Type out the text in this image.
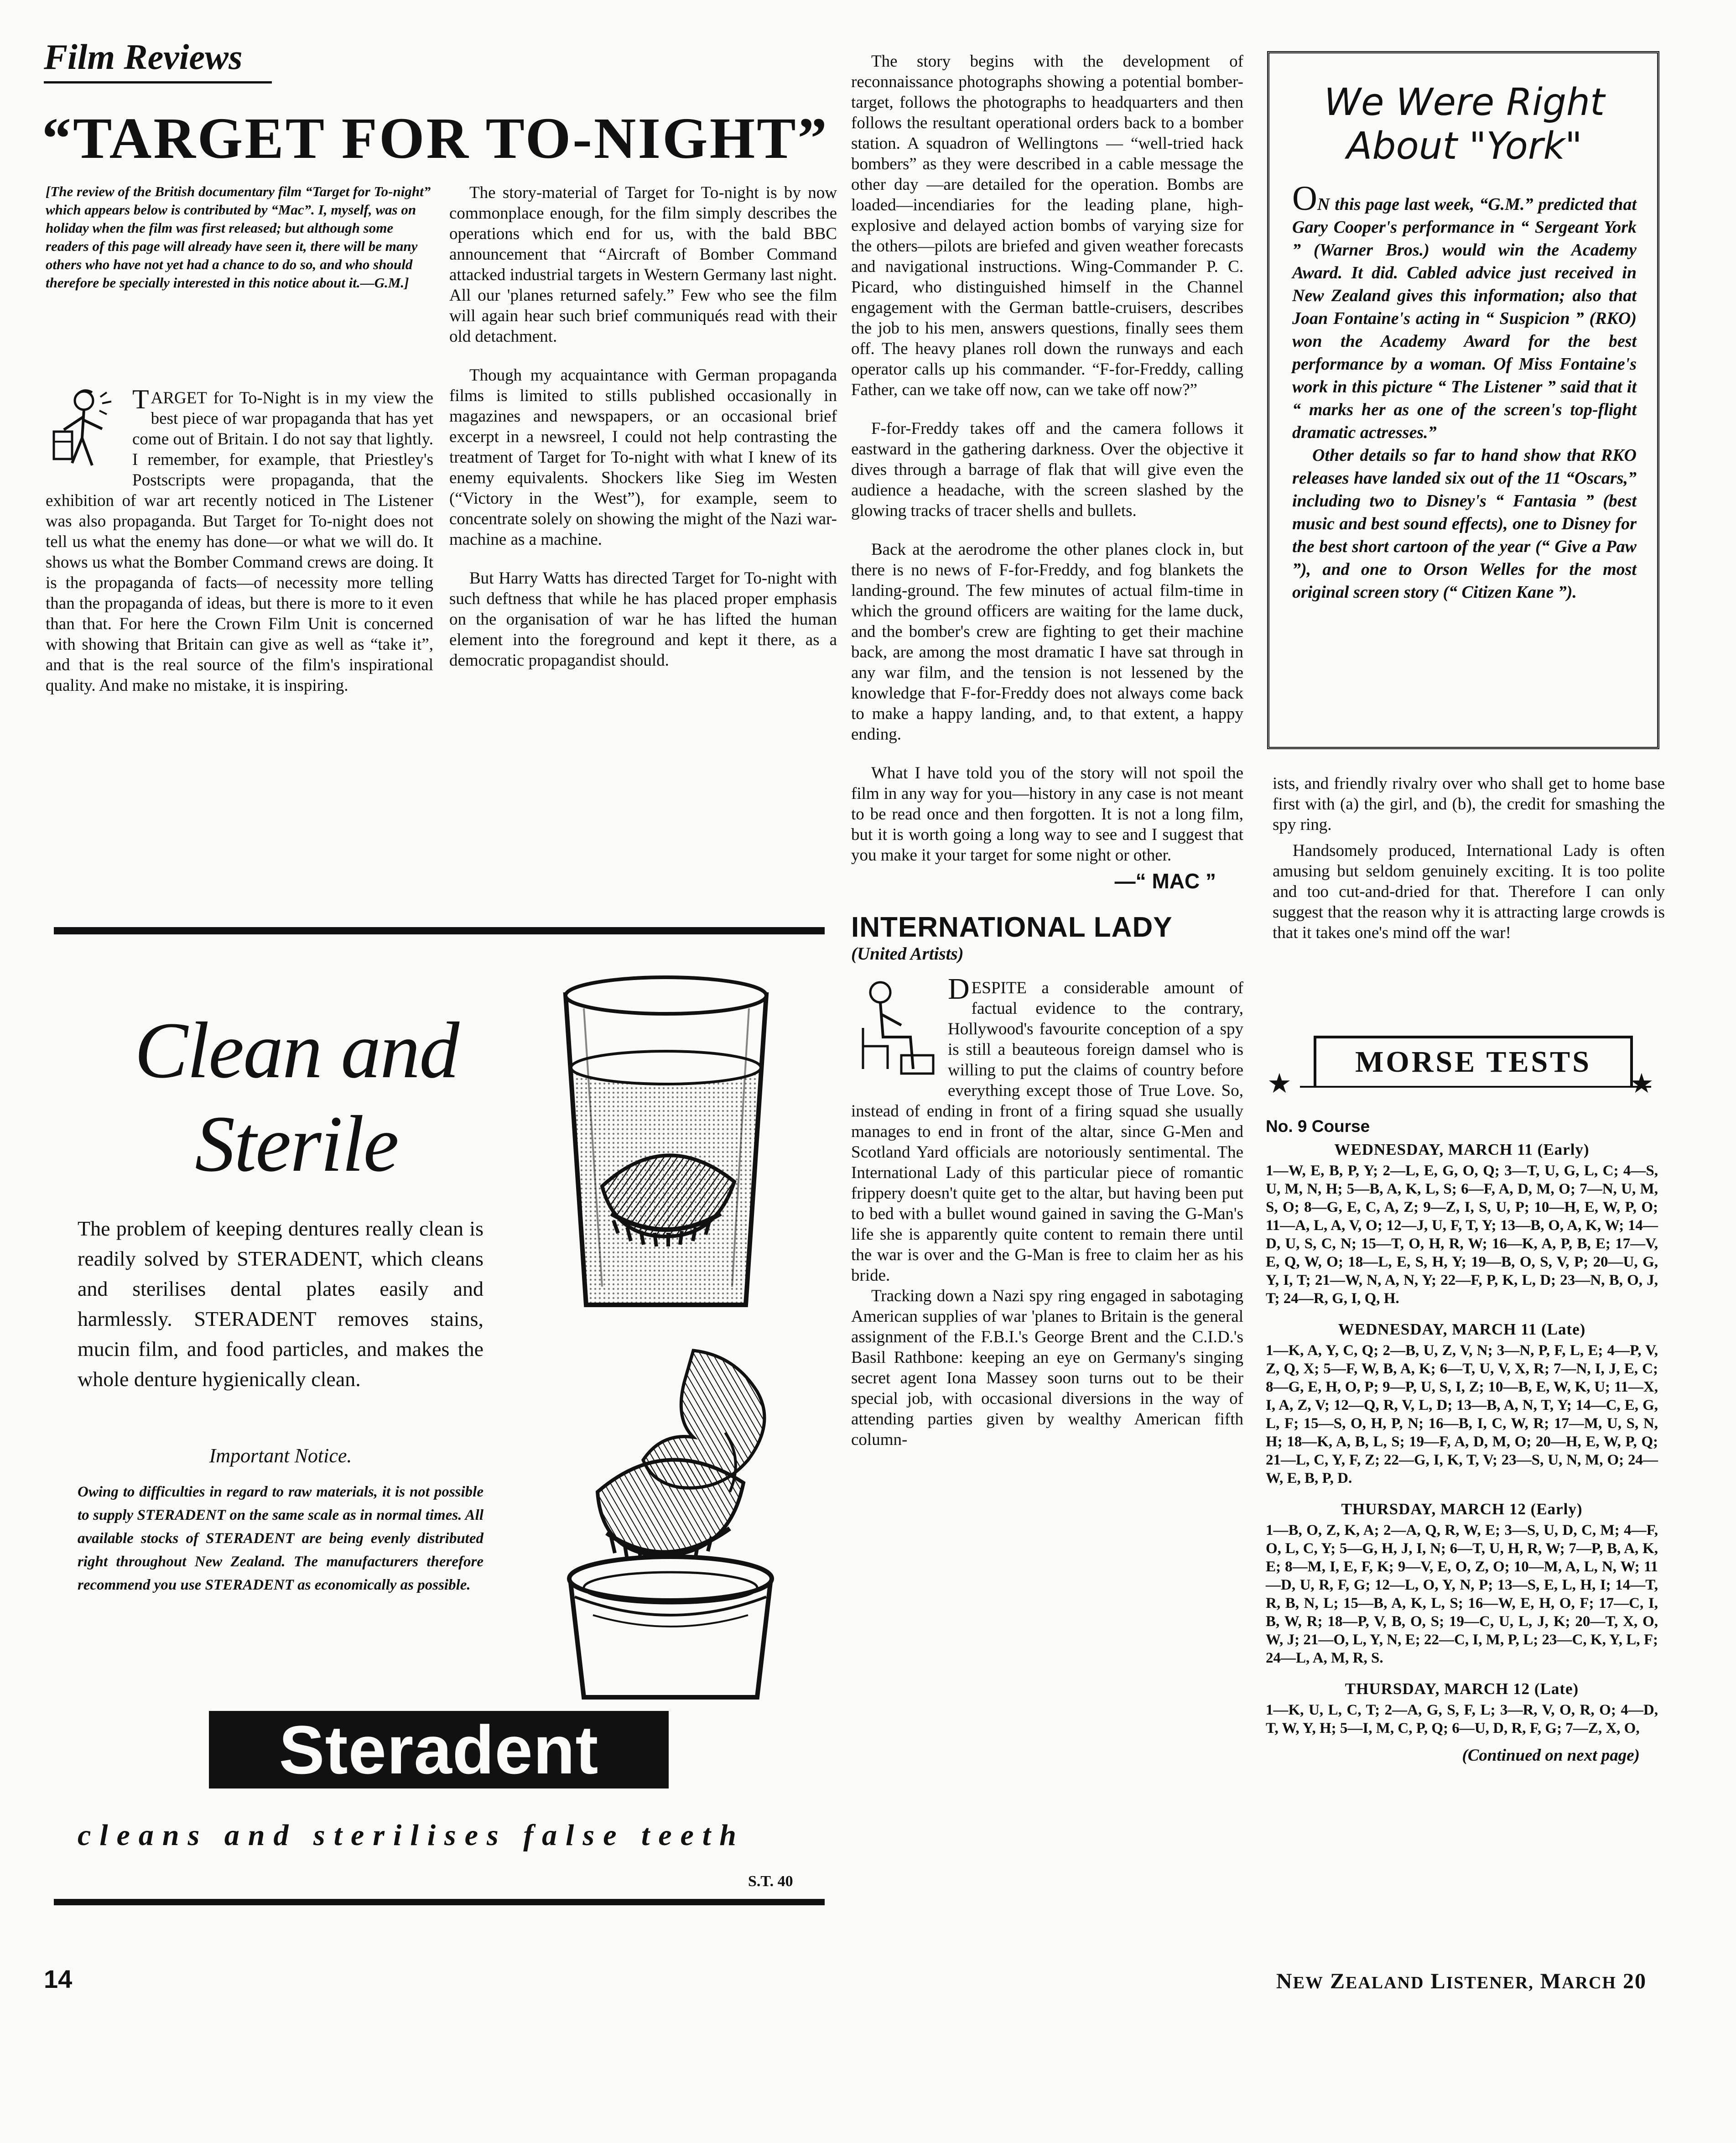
Film Reviews
“TARGET FOR TO-NIGHT”
[The review of the British documentary film “Target for To-night” which appears below is contributed by “Mac”. I, myself, was on holiday when the film was first released; but although some readers of this page will already have seen it, there will be many others who have not yet had a chance to do so, and who should therefore be specially interested in this notice about it.—G.M.]

TARGET for To-Night is in my view the best piece of war propaganda that has yet come out of Britain. I do not say that lightly. I remember, for example, that Priestley's Postscripts were propaganda, that the exhibition of war art recently noticed in The Listener was also propaganda. But Target for To-night does not tell us what the enemy has done—or what we will do. It shows us what the Bomber Command crews are doing. It is the propaganda of facts—of necessity more telling than the propaganda of ideas, but there is more to it even than that. For here the Crown Film Unit is concerned with showing that Britain can give as well as “take it”, and that is the real source of the film's inspirational quality. And make no mistake, it is inspiring.

The story-material of Target for To-night is by now commonplace enough, for the film simply describes the operations which end for us, with the bald BBC announcement that “Aircraft of Bomber Command attacked industrial targets in Western Germany last night. All our 'planes returned safely.” Few who see the film will again hear such brief communiqués read with their old detachment.

Though my acquaintance with German propaganda films is limited to stills published occasionally in magazines and newspapers, or an occasional brief excerpt in a newsreel, I could not help contrasting the treatment of Target for To-night with what I knew of its enemy equivalents. Shockers like Sieg im Westen (“Victory in the West”), for example, seem to concentrate solely on showing the might of the Nazi war-machine as a machine.

But Harry Watts has directed Target for To-night with such deftness that while he has placed proper emphasis on the organisation of war he has lifted the human element into the foreground and kept it there, as a democratic propagandist should.

The story begins with the development of reconnaissance photographs showing a potential bomber-target, follows the photographs to headquarters and then follows the resultant operational orders back to a bomber station. A squadron of Wellingtons — “well-tried hack bombers” as they were described in a cable message the other day —are detailed for the operation. Bombs are loaded—incendiaries for the leading plane, high-explosive and delayed action bombs of varying size for the others—pilots are briefed and given weather forecasts and navigational instructions. Wing-Commander P. C. Picard, who distinguished himself in the Channel engagement with the German battle-cruisers, describes the job to his men, answers questions, finally sees them off. The heavy planes roll down the runways and each operator calls up his commander. “F-for-Freddy, calling Father, can we take off now, can we take off now?”

F-for-Freddy takes off and the camera follows it eastward in the gathering darkness. Over the objective it dives through a barrage of flak that will give even the audience a headache, with the screen slashed by the glowing tracks of tracer shells and bullets.

Back at the aerodrome the other planes clock in, but there is no news of F-for-Freddy, and fog blankets the landing-ground. The few minutes of actual film-time in which the ground officers are waiting for the lame duck, and the bomber's crew are fighting to get their machine back, are among the most dramatic I have sat through in any war film, and the tension is not lessened by the knowledge that F-for-Freddy does not always come back to make a happy landing, and, to that extent, a happy ending.

What I have told you of the story will not spoil the film in any way for you—history in any case is not meant to be read once and then forgotten. It is not a long film, but it is worth going a long way to see and I suggest that you make it your target for some night or other.

—“ MAC ”
INTERNATIONAL LADY
(United Artists)

DESPITE a considerable amount of factual evidence to the contrary, Hollywood's favourite conception of a spy is still a beauteous foreign damsel who is willing to put the claims of country before everything except those of True Love. So, instead of ending in front of a firing squad she usually manages to end in front of the altar, since G-Men and Scotland Yard officials are notoriously sentimental. The International Lady of this particular piece of romantic frippery doesn't quite get to the altar, but having been put to bed with a bullet wound gained in saving the G-Man's life she is apparently quite content to remain there until the war is over and the G-Man is free to claim her as his bride.

Tracking down a Nazi spy ring engaged in sabotaging American supplies of war 'planes to Britain is the general assignment of the F.B.I.'s George Brent and the C.I.D.'s Basil Rathbone: keeping an eye on Germany's singing secret agent Iona Massey soon turns out to be their special job, with occasional diversions in the way of attending parties given by wealthy American fifth column-

We Were Right About "York"

ON this page last week, “G.M.” predicted that Gary Cooper's performance in “ Sergeant York ” (Warner Bros.) would win the Academy Award. It did. Cabled advice just received in New Zealand gives this information; also that Joan Fontaine's acting in “ Suspicion ” (RKO) won the Academy Award for the best performance by a woman. Of Miss Fontaine's work in this picture “ The Listener ” said that it “ marks her as one of the screen's top-flight dramatic actresses.”

Other details so far to hand show that RKO releases have landed six out of the 11 “Oscars,” including two to Disney's “ Fantasia ” (best music and best sound effects), one to Disney for the best short cartoon of the year (“ Give a Paw ”), and one to Orson Welles for the most original screen story (“ Citizen Kane ”).

ists, and friendly rivalry over who shall get to home base first with (a) the girl, and (b), the credit for smashing the spy ring.

Handsomely produced, International Lady is often amusing but seldom genuinely exciting. It is too polite and too cut-and-dried for that. Therefore I can only suggest that the reason why it is attracting large crowds is that it takes one's mind off the war!

MORSE TESTS
★	★
No. 9 Course
WEDNESDAY, MARCH 11 (Early)
1—W, E, B, P, Y; 2—L, E, G, O, Q; 3—T, U, G, L, C; 4—S, U, M, N, H; 5—B, A, K, L, S; 6—F, A, D, M, O; 7—N, U, M, S, O; 8—G, E, C, A, Z; 9—Z, I, S, U, P; 10—H, E, W, P, O; 11—A, L, A, V, O; 12—J, U, F, T, Y; 13—B, O, A, K, W; 14—D, U, S, C, N; 15—T, O, H, R, W; 16—K, A, P, B, E; 17—V, E, Q, W, O; 18—L, E, S, H, Y; 19—B, O, S, V, P; 20—U, G, Y, I, T; 21—W, N, A, N, Y; 22—F, P, K, L, D; 23—N, B, O, J, T; 24—R, G, I, Q, H.
WEDNESDAY, MARCH 11 (Late)
1—K, A, Y, C, Q; 2—B, U, Z, V, N; 3—N, P, F, L, E; 4—P, V, Z, Q, X; 5—F, W, B, A, K; 6—T, U, V, X, R; 7—N, I, J, E, C; 8—G, E, H, O, P; 9—P, U, S, I, Z; 10—B, E, W, K, U; 11—X, I, A, Z, V; 12—Q, R, V, L, D; 13—B, A, N, T, Y; 14—C, E, G, L, F; 15—S, O, H, P, N; 16—B, I, C, W, R; 17—M, U, S, N, H; 18—K, A, B, L, S; 19—F, A, D, M, O; 20—H, E, W, P, Q; 21—L, C, Y, F, Z; 22—G, I, K, T, V; 23—S, U, N, M, O; 24—W, E, B, P, D.
THURSDAY, MARCH 12 (Early)
1—B, O, Z, K, A; 2—A, Q, R, W, E; 3—S, U, D, C, M; 4—F, O, L, C, Y; 5—G, H, J, I, N; 6—T, U, H, R, W; 7—P, B, A, K, E; 8—M, I, E, F, K; 9—V, E, O, Z, O; 10—M, A, L, N, W; 11—D, U, R, F, G; 12—L, O, Y, N, P; 13—S, E, L, H, I; 14—T, R, B, N, L; 15—B, A, K, L, S; 16—W, E, H, O, F; 17—C, I, B, W, R; 18—P, V, B, O, S; 19—C, U, L, J, K; 20—T, X, O, W, J; 21—O, L, Y, N, E; 22—C, I, M, P, L; 23—C, K, Y, L, F; 24—L, A, M, R, S.
THURSDAY, MARCH 12 (Late)
1—K, U, L, C, T; 2—A, G, S, F, L; 3—R, V, O, R, O; 4—D, T, W, Y, H; 5—I, M, C, P, Q; 6—U, D, R, F, G; 7—Z, X, O,
(Continued on next page)
Clean and Sterile
The problem of keeping dentures really clean is readily solved by STERADENT, which cleans and sterilises dental plates easily and harmlessly. STERADENT removes stains, mucin film, and food particles, and makes the whole denture hygienically clean.
Important Notice.
Owing to difficulties in regard to raw materials, it is not possible to supply STERADENT on the same scale as in normal times. All available stocks of STERADENT are being evenly distributed right throughout New Zealand. The manufacturers therefore recommend you use STERADENT as economically as possible.
Steradent
cleans and sterilises false teeth
S.T. 40
14	NEW ZEALAND LISTENER, MARCH 20
